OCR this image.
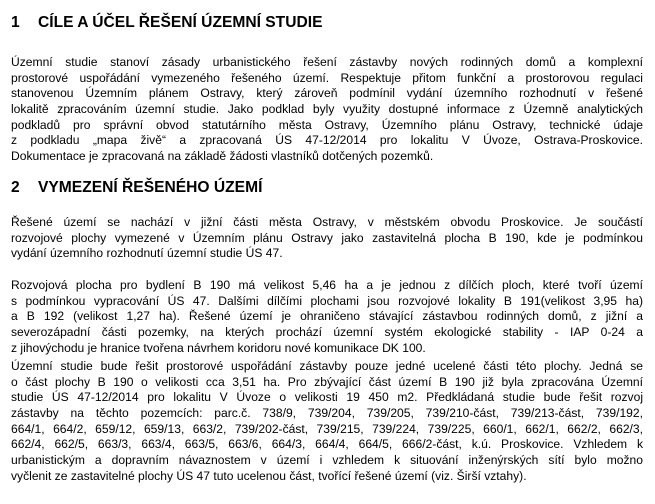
1 CÍLE A ÚČEL ŘEŠENÍ ÚZEMNÍ STUDIE
Územní studie stanoví zásady urbanistického řešení zástavby nových rodinných domů a komplexní
prostorové uspořádání vymezeného řešeného území. Respektuje přitom funkční a prostorovou regulaci
stanovenou Územním plánem Ostravy, který zároveň podmínil vydání územního rozhodnutí v řešené
lokalitě zpracováním územní studie. Jako podklad byly využity dostupné informace z Územně analytických
podkladů pro správní obvod statutárního města Ostravy, Územního plánu Ostravy, technické údaje
z podkladu „mapa živě“ a zpracovaná ÚS 47-12/2014 pro lokalitu V Úvoze, Ostrava-Proskovice.
Dokumentace je zpracovaná na základě žádosti vlastníků dotčených pozemků.
2 VYMEZENÍ ŘEŠENÉHO ÚZEMÍ
Řešené území se nachází v jižní části města Ostravy, v městském obvodu Proskovice. Je součástí
rozvojové plochy vymezené v Územním plánu Ostravy jako zastavitelná plocha B 190, kde je podmínkou
vydání územního rozhodnutí územní studie ÚS 47.
Rozvojová plocha pro bydlení B 190 má velikost 5,46 ha a je jednou z dílčích ploch, které tvoří území
s podmínkou vypracování ÚS 47. Dalšími dílčími plochami jsou rozvojové lokality B 191(velikost 3,95 ha)
a B 192 (velikost 1,27 ha). Řešené území je ohraničeno stávající zástavbou rodinných domů, z jižní a
severozápadní části pozemky, na kterých prochází územní systém ekologické stability - IAP 0-24 a
z jihovýchodu je hranice tvořena návrhem koridoru nové komunikace DK 100.
Územní studie bude řešit prostorové uspořádání zástavby pouze jedné ucelené části této plochy. Jedná se
o část plochy B 190 o velikosti cca 3,51 ha. Pro zbývající část území B 190 již byla zpracována Územní
studie ÚS 47-12/2014 pro lokalitu V Úvoze o velikosti 19 450 m2. Předkládaná studie bude řešit rozvoj
zástavby na těchto pozemcích: parc.č. 738/9, 739/204, 739/205, 739/210-část, 739/213-část, 739/192,
664/1, 664/2, 659/12, 659/13, 663/2, 739/202-část, 739/215, 739/224, 739/225, 660/1, 662/1, 662/2, 662/3,
662/4, 662/5, 663/3, 663/4, 663/5, 663/6, 664/3, 664/4, 664/5, 666/2-část, k.ú. Proskovice. Vzhledem k
urbanistickým a dopravním návaznostem v území i vzhledem k situování inženýrských sítí bylo možno
vyčlenit ze zastavitelné plochy ÚS 47 tuto ucelenou část, tvořící řešené území (viz. Širší vztahy).
